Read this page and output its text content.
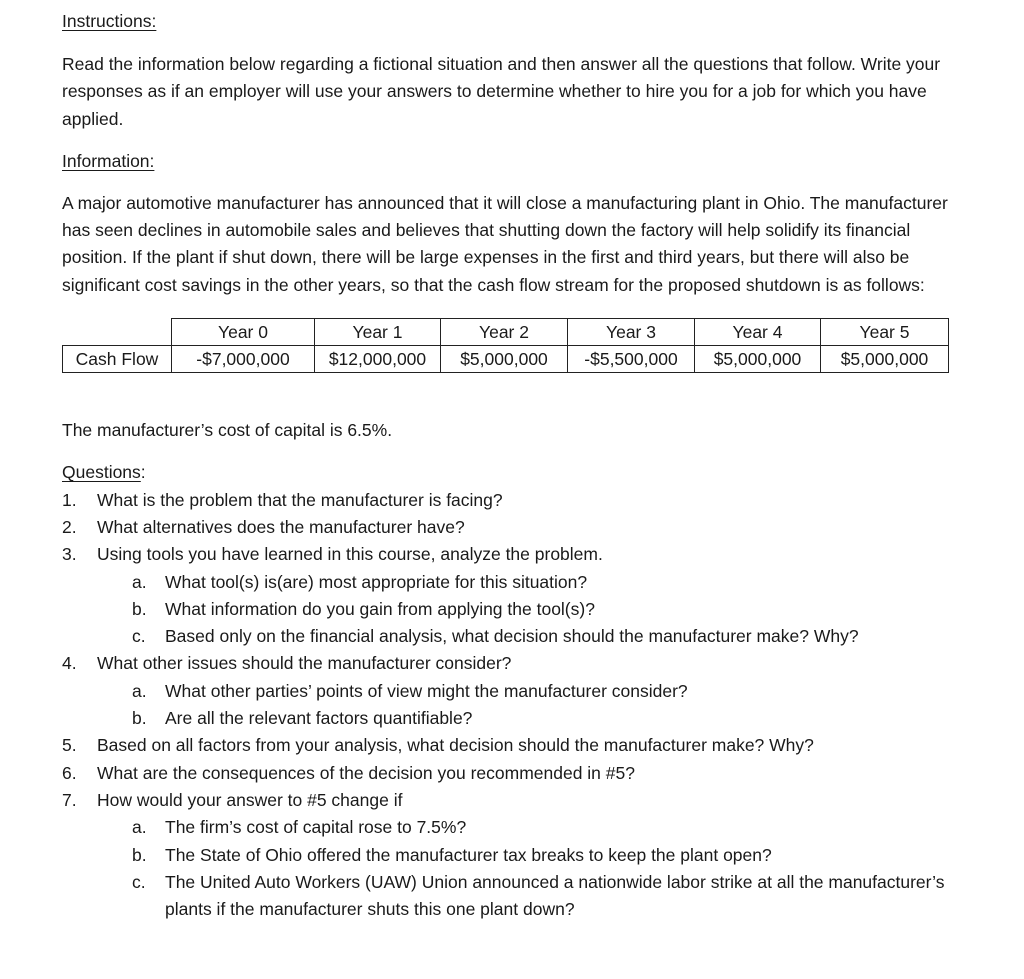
Instructions:

Read the information below regarding a fictional situation and then answer all the questions that follow. Write your responses as if an employer will use your answers to determine whether to hire you for a job for which you have applied.

Information:

A major automotive manufacturer has announced that it will close a manufacturing plant in Ohio. The manufacturer has seen declines in automobile sales and believes that shutting down the factory will help solidify its financial position. If the plant if shut down, there will be large expenses in the first and third years, but there will also be significant cost savings in the other years, so that the cash flow stream for the proposed shutdown is as follows:

	Year 0	Year 1	Year 2	Year 3	Year 4	Year 5
Cash Flow	-$7,000,000	$12,000,000	$5,000,000	-$5,500,000	$5,000,000	$5,000,000

The manufacturer’s cost of capital is 6.5%.

Questions:

1. What is the problem that the manufacturer is facing?
2. What alternatives does the manufacturer have?
3. Using tools you have learned in this course, analyze the problem.
a. What tool(s) is(are) most appropriate for this situation?
b. What information do you gain from applying the tool(s)?
c. Based only on the financial analysis, what decision should the manufacturer make? Why?
4. What other issues should the manufacturer consider?
a. What other parties’ points of view might the manufacturer consider?
b. Are all the relevant factors quantifiable?
5. Based on all factors from your analysis, what decision should the manufacturer make? Why?
6. What are the consequences of the decision you recommended in #5?
7. How would your answer to #5 change if
a. The firm’s cost of capital rose to 7.5%?
b. The State of Ohio offered the manufacturer tax breaks to keep the plant open?
c. The United Auto Workers (UAW) Union announced a nationwide labor strike at all the manufacturer’s plants if the manufacturer shuts this one plant down?
